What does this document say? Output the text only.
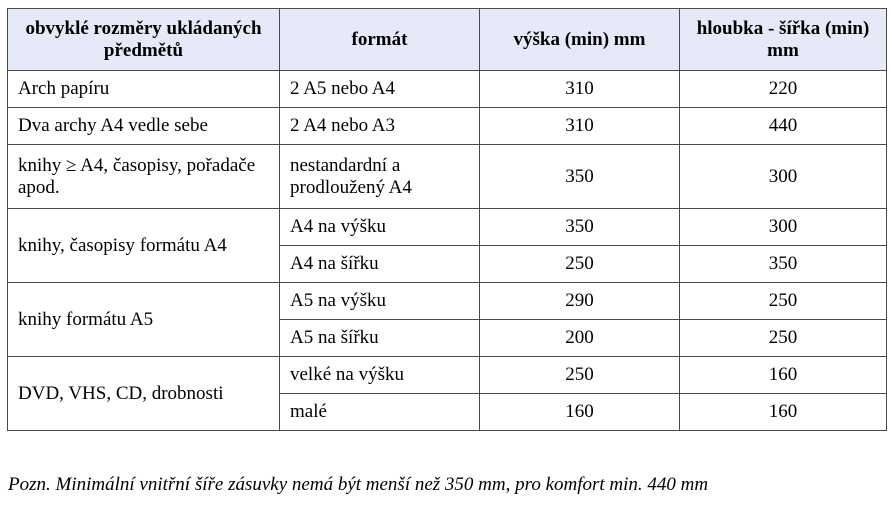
obvyklé rozměry ukládaných předmětů	formát	výška (min) mm	hloubka - šířka (min) mm
Arch papíru	2 A5 nebo A4	310	220
Dva archy A4 vedle sebe	2 A4 nebo A3	310	440
knihy ≥ A4, časopisy, pořadače apod.	nestandardní a prodloužený A4	350	300
knihy, časopisy formátu A4	A4 na výšku	350	300
	A4 na šířku	250	350
knihy formátu A5	A5 na výšku	290	250
	A5 na šířku	200	250
DVD, VHS, CD, drobnosti	velké na výšku	250	160
	malé	160	160
Pozn. Minimální vnitřní šíře zásuvky nemá být menší než 350 mm, pro komfort min. 440 mm
